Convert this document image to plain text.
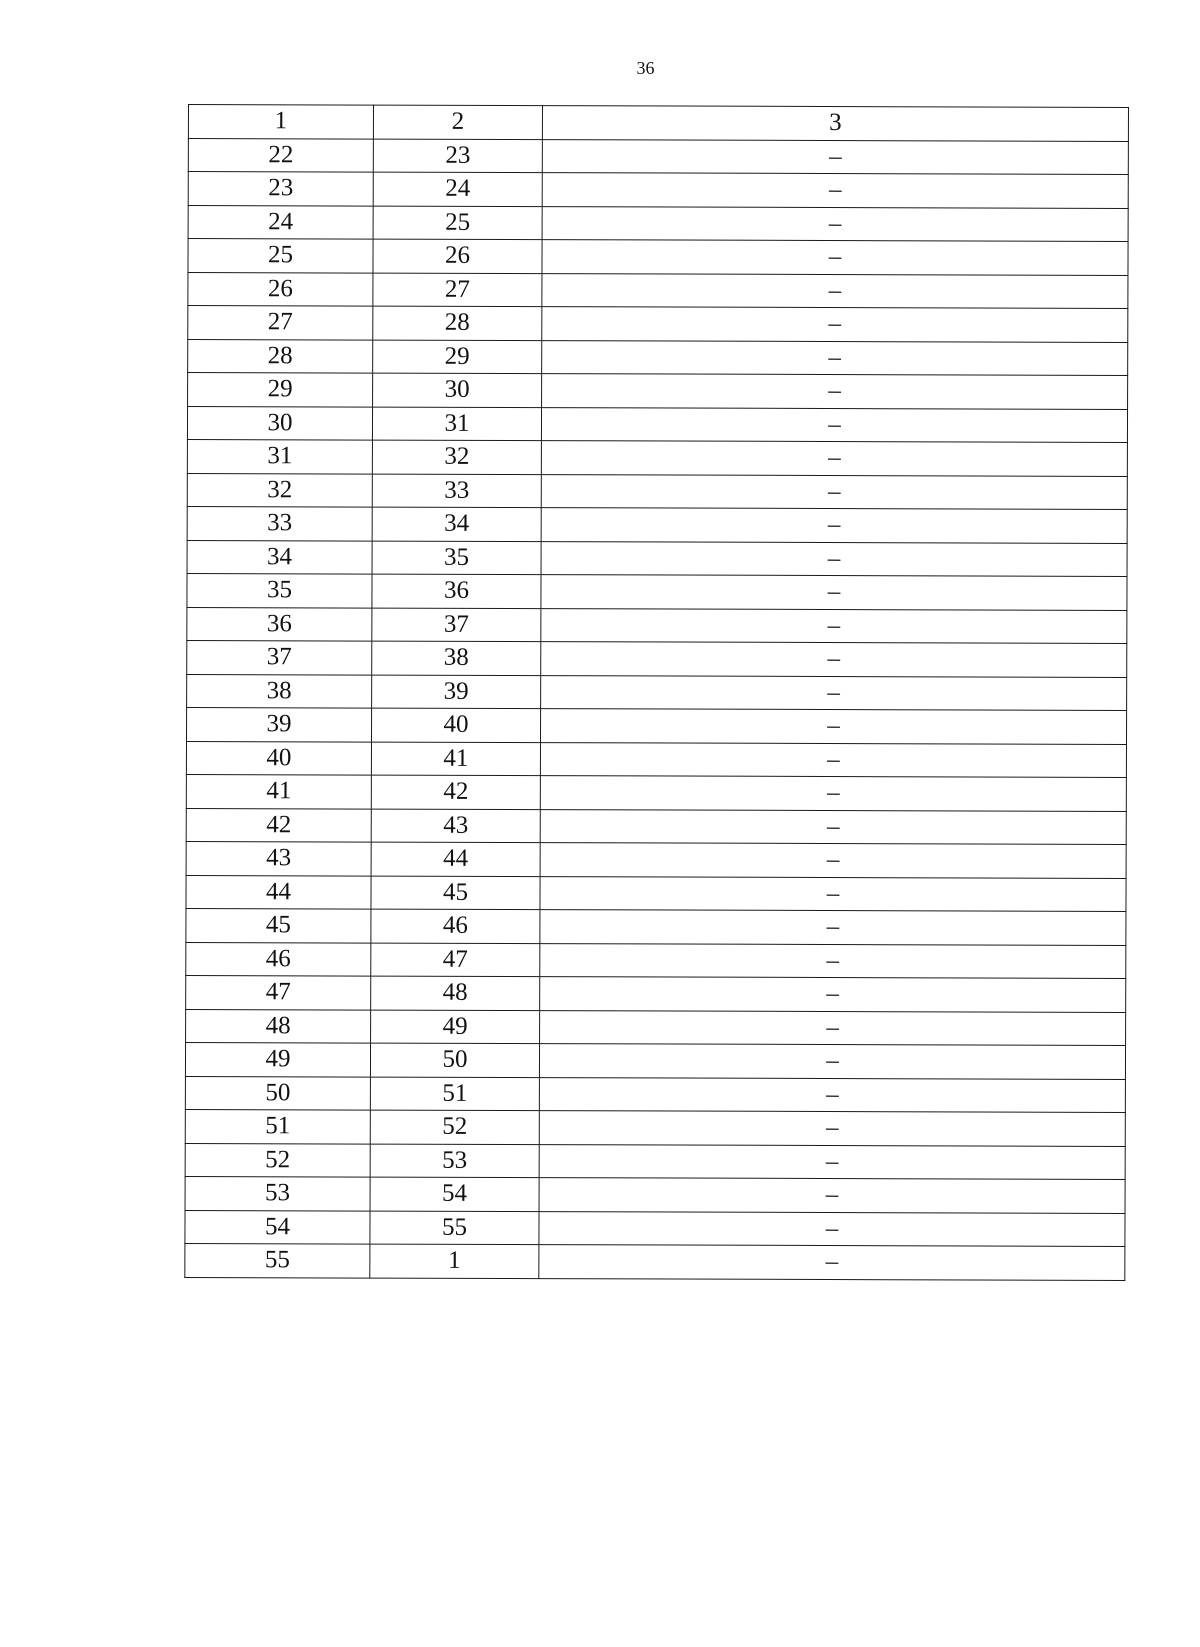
36
1	2	3
22	23	–
23	24	–
24	25	–
25	26	–
26	27	–
27	28	–
28	29	–
29	30	–
30	31	–
31	32	–
32	33	–
33	34	–
34	35	–
35	36	–
36	37	–
37	38	–
38	39	–
39	40	–
40	41	–
41	42	–
42	43	–
43	44	–
44	45	–
45	46	–
46	47	–
47	48	–
48	49	–
49	50	–
50	51	–
51	52	–
52	53	–
53	54	–
54	55	–
55	1	–
